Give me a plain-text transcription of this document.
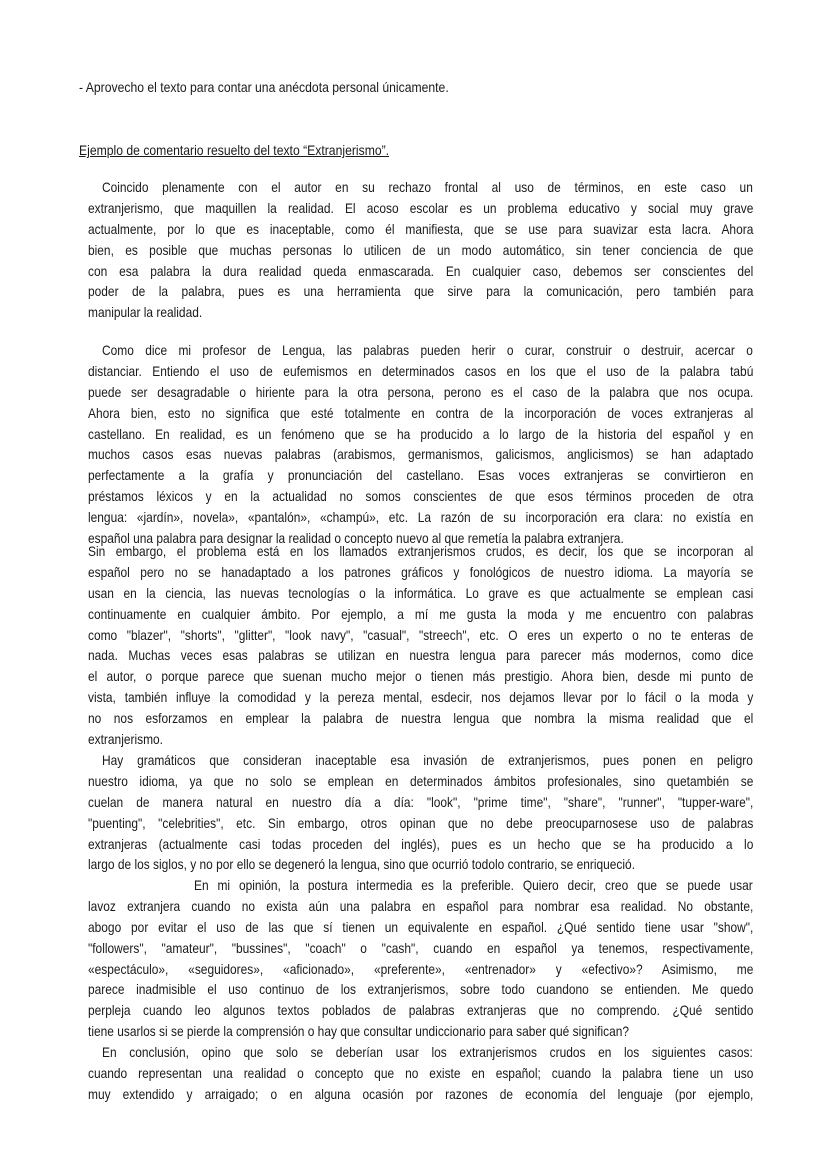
- Aprovecho el texto para contar una anécdota personal únicamente.
Ejemplo de comentario resuelto del texto “Extranjerismo”.
Coincido plenamente con el autor en su rechazo frontal al uso de términos, en este caso un
extranjerismo, que maquillen la realidad. El acoso escolar es un problema educativo y social muy grave
actualmente, por lo que es inaceptable, como él manifiesta, que se use para suavizar esta lacra. Ahora
bien, es posible que muchas personas lo utilicen de un modo automático, sin tener conciencia de que
con esa palabra la dura realidad queda enmascarada. En cualquier caso, debemos ser conscientes del
poder de la palabra, pues es una herramienta que sirve para la comunicación, pero también para
manipular la realidad.
Como dice mi profesor de Lengua, las palabras pueden herir o curar, construir o destruir, acercar o
distanciar. Entiendo el uso de eufemismos en determinados casos en los que el uso de la palabra tabú
puede ser desagradable o hiriente para la otra persona, perono es el caso de la palabra que nos ocupa.
Ahora bien, esto no significa que esté totalmente en contra de la incorporación de voces extranjeras al
castellano. En realidad, es un fenómeno que se ha producido a lo largo de la historia del español y en
muchos casos esas nuevas palabras (arabismos, germanismos, galicismos, anglicismos) se han adaptado
perfectamente a la grafía y pronunciación del castellano. Esas voces extranjeras se convirtieron en
préstamos léxicos y en la actualidad no somos conscientes de que esos términos proceden de otra
lengua: «jardín», novela», «pantalón», «champú», etc. La razón de su incorporación era clara: no existía en
español una palabra para designar la realidad o concepto nuevo al que remetía la palabra extranjera.
Sin embargo, el problema está en los llamados extranjerismos crudos, es decir, los que se incorporan al
español pero no se hanadaptado a los patrones gráficos y fonológicos de nuestro idioma. La mayoría se
usan en la ciencia, las nuevas tecnologías o la informática. Lo grave es que actualmente se emplean casi
continuamente en cualquier ámbito. Por ejemplo, a mí me gusta la moda y me encuentro con palabras
como "blazer", "shorts", "glitter", "look navy", "casual", "streech", etc. O eres un experto o no te enteras de
nada. Muchas veces esas palabras se utilizan en nuestra lengua para parecer más modernos, como dice
el autor, o porque parece que suenan mucho mejor o tienen más prestigio. Ahora bien, desde mi punto de
vista, también influye la comodidad y la pereza mental, esdecir, nos dejamos llevar por lo fácil o la moda y
no nos esforzamos en emplear la palabra de nuestra lengua que nombra la misma realidad que el
extranjerismo.
Hay gramáticos que consideran inaceptable esa invasión de extranjerismos, pues ponen en peligro
nuestro idioma, ya que no solo se emplean en determinados ámbitos profesionales, sino quetambién se
cuelan de manera natural en nuestro día a día: "look", "prime time", "share", "runner", "tupper-ware",
"puenting", "celebrities", etc. Sin embargo, otros opinan que no debe preocuparnosese uso de palabras
extranjeras (actualmente casi todas proceden del inglés), pues es un hecho que se ha producido a lo
largo de los siglos, y no por ello se degeneró la lengua, sino que ocurrió todolo contrario, se enriqueció.
En mi opinión, la postura intermedia es la preferible. Quiero decir, creo que se puede usar
lavoz extranjera cuando no exista aún una palabra en español para nombrar esa realidad. No obstante,
abogo por evitar el uso de las que sí tienen un equivalente en español. ¿Qué sentido tiene usar "show",
"followers", "amateur", "bussines", "coach" o "cash", cuando en español ya tenemos, respectivamente,
«espectáculo», «seguidores», «aficionado», «preferente», «entrenador» y «efectivo»? Asimismo, me
parece inadmisible el uso continuo de los extranjerismos, sobre todo cuandono se entienden. Me quedo
perpleja cuando leo algunos textos poblados de palabras extranjeras que no comprendo. ¿Qué sentido
tiene usarlos si se pierde la comprensión o hay que consultar undiccionario para saber qué significan?
En conclusión, opino que solo se deberían usar los extranjerismos crudos en los siguientes casos:
cuando representan una realidad o concepto que no existe en español; cuando la palabra tiene un uso
muy extendido y arraigado; o en alguna ocasión por razones de economía del lenguaje (por ejemplo,
